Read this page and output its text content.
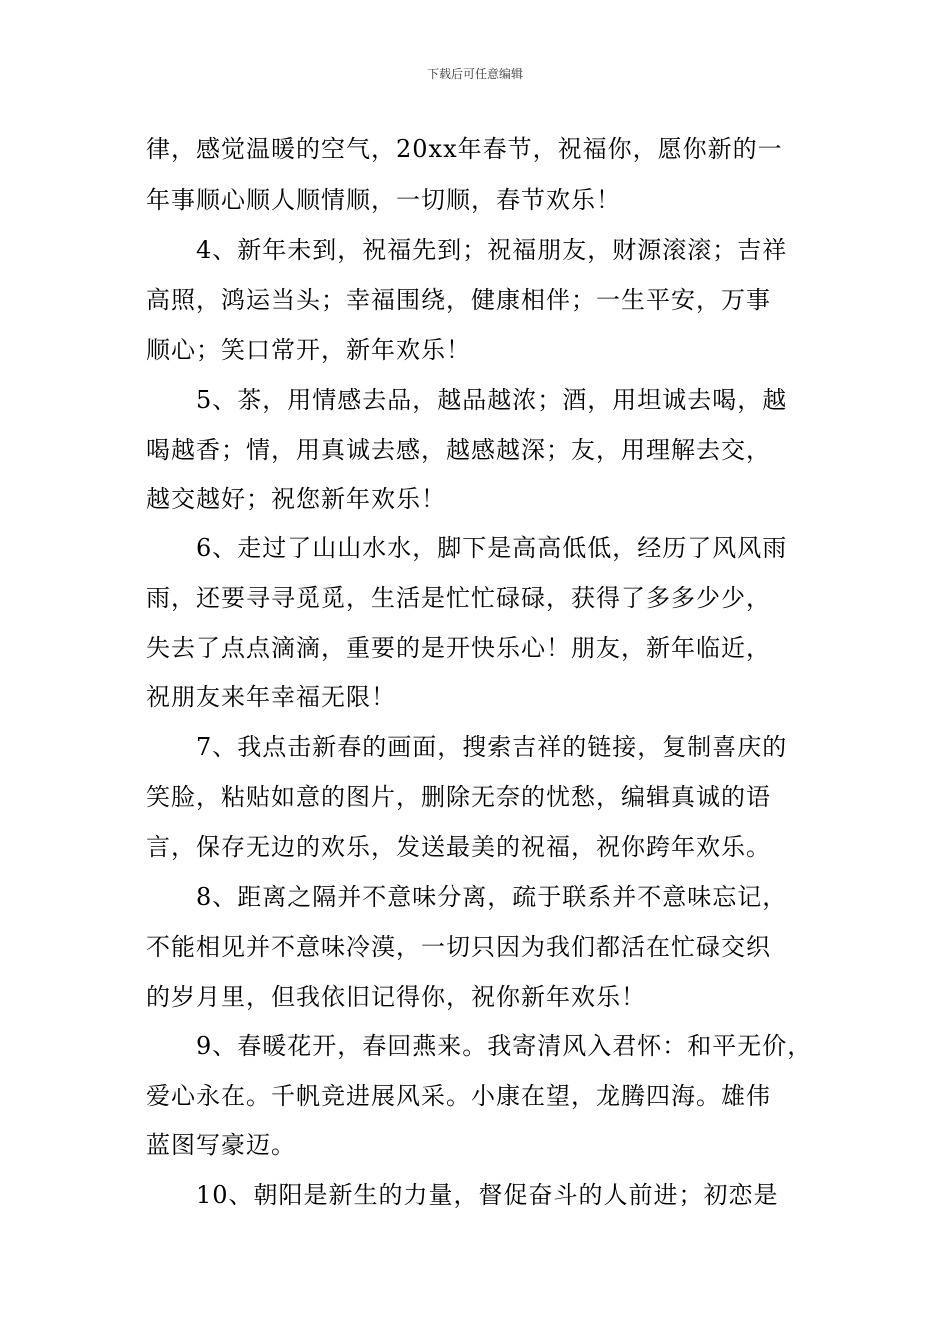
下载后可任意编辑
律，感觉温暖的空气，20xx年春节，祝福你，愿你新的一
年事顺心顺人顺情顺，一切顺，春节欢乐！
4、新年未到，祝福先到；祝福朋友，财源滚滚；吉祥
高照，鸿运当头；幸福围绕，健康相伴；一生平安，万事
顺心；笑口常开，新年欢乐！
5、茶，用情感去品，越品越浓；酒，用坦诚去喝，越
喝越香；情，用真诚去感，越感越深；友，用理解去交，
越交越好；祝您新年欢乐！
6、走过了山山水水，脚下是高高低低，经历了风风雨
雨，还要寻寻觅觅，生活是忙忙碌碌，获得了多多少少，
失去了点点滴滴，重要的是开快乐心！朋友，新年临近，
祝朋友来年幸福无限！
7、我点击新春的画面，搜索吉祥的链接，复制喜庆的
笑脸，粘贴如意的图片，删除无奈的忧愁，编辑真诚的语
言，保存无边的欢乐，发送最美的祝福，祝你跨年欢乐。
8、距离之隔并不意味分离，疏于联系并不意味忘记，
不能相见并不意味冷漠，一切只因为我们都活在忙碌交织
的岁月里，但我依旧记得你，祝你新年欢乐！
9、春暖花开，春回燕来。我寄清风入君怀：和平无价，
爱心永在。千帆竞进展风采。小康在望，龙腾四海。雄伟
蓝图写豪迈。
10、朝阳是新生的力量，督促奋斗的人前进；初恋是
